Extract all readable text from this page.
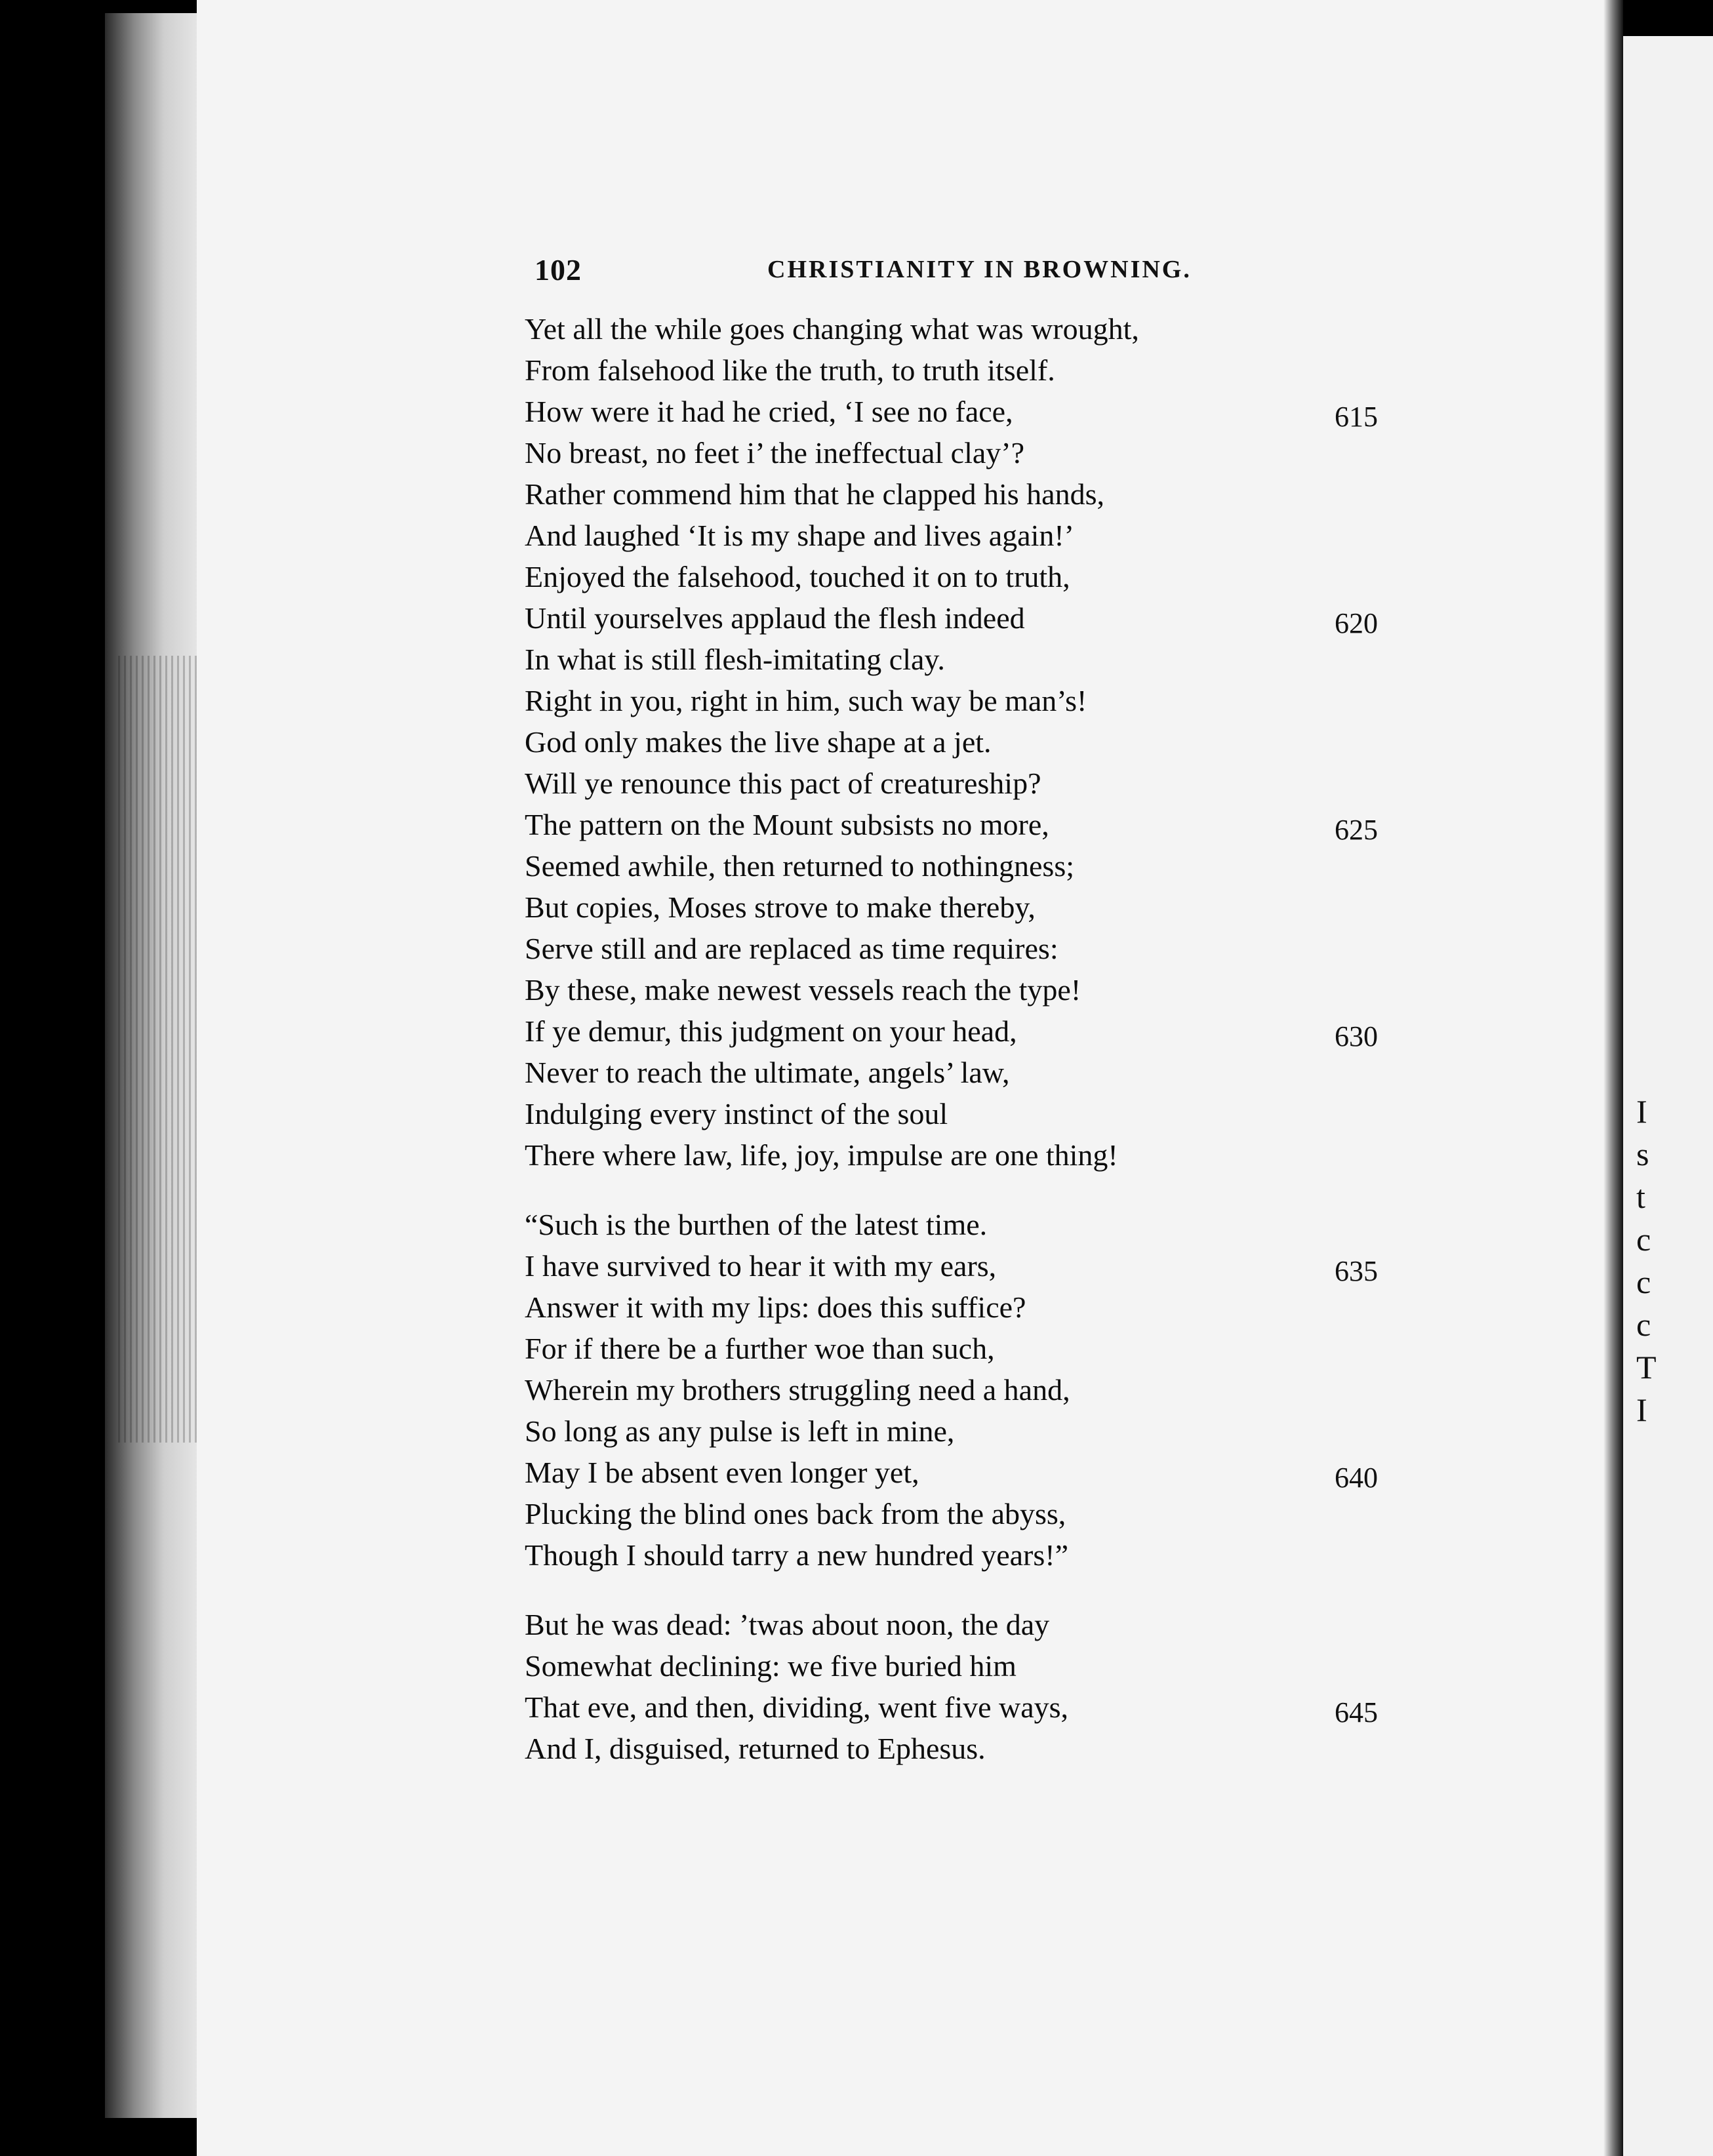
I
s
t
c
c
c
T
I
102	CHRISTIANITY IN BROWNING.
Yet all the while goes changing what was wrought,
From falsehood like the truth, to truth itself.
How were it had he cried, ‘I see no face,	615
No breast, no feet i’ the ineffectual clay’?
Rather commend him that he clapped his hands,
And laughed ‘It is my shape and lives again!’
Enjoyed the falsehood, touched it on to truth,
Until yourselves applaud the flesh indeed	620
In what is still flesh-imitating clay.
Right in you, right in him, such way be man’s!
God only makes the live shape at a jet.
Will ye renounce this pact of creatureship?
The pattern on the Mount subsists no more,	625
Seemed awhile, then returned to nothingness;
But copies, Moses strove to make thereby,
Serve still and are replaced as time requires:
By these, make newest vessels reach the type!
If ye demur, this judgment on your head,	630
Never to reach the ultimate, angels’ law,
Indulging every instinct of the soul
There where law, life, joy, impulse are one thing!
“Such is the burthen of the latest time.
I have survived to hear it with my ears,	635
Answer it with my lips: does this suffice?
For if there be a further woe than such,
Wherein my brothers struggling need a hand,
So long as any pulse is left in mine,
May I be absent even longer yet,	640
Plucking the blind ones back from the abyss,
Though I should tarry a new hundred years!”
But he was dead: ’twas about noon, the day
Somewhat declining: we five buried him
That eve, and then, dividing, went five ways,	645
And I, disguised, returned to Ephesus.
